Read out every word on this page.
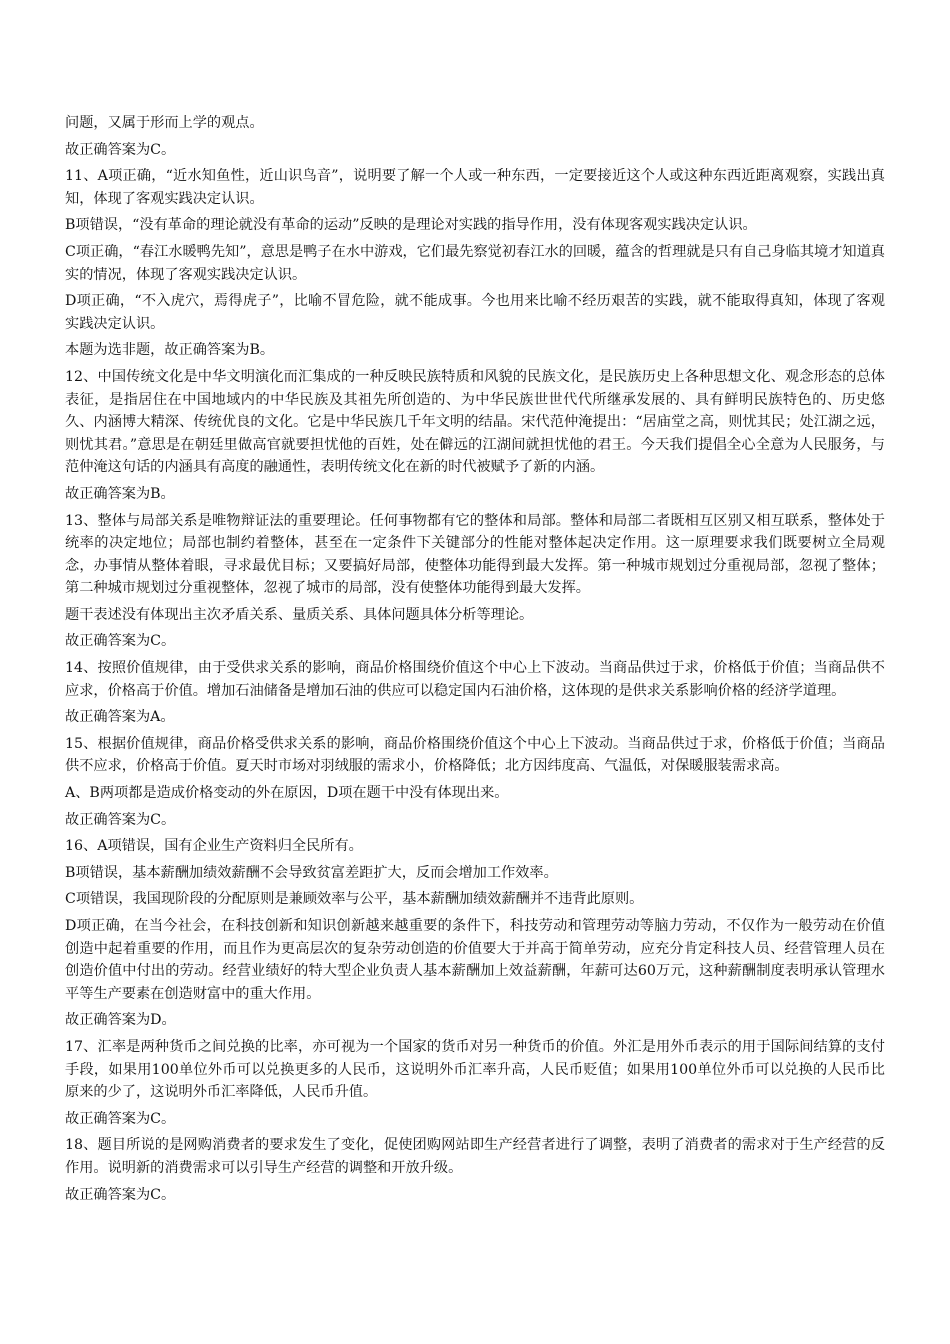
问题，又属于形而上学的观点。

故正确答案为C。

11、A项正确，“近水知鱼性，近山识鸟音”，说明要了解一个人或一种东西，一定要接近这个人或这种东西近距离观察，实践出真知，体现了客观实践决定认识。

B项错误，“没有革命的理论就没有革命的运动”反映的是理论对实践的指导作用，没有体现客观实践决定认识。

C项正确，“春江水暖鸭先知”，意思是鸭子在水中游戏，它们最先察觉初春江水的回暖，蕴含的哲理就是只有自己身临其境才知道真实的情况，体现了客观实践决定认识。

D项正确，“不入虎穴，焉得虎子”，比喻不冒危险，就不能成事。今也用来比喻不经历艰苦的实践，就不能取得真知，体现了客观实践决定认识。

本题为选非题，故正确答案为B。

12、中国传统文化是中华文明演化而汇集成的一种反映民族特质和风貌的民族文化，是民族历史上各种思想文化、观念形态的总体表征，是指居住在中国地域内的中华民族及其祖先所创造的、为中华民族世世代代所继承发展的、具有鲜明民族特色的、历史悠久、内涵博大精深、传统优良的文化。它是中华民族几千年文明的结晶。宋代范仲淹提出：“居庙堂之高，则忧其民；处江湖之远，则忧其君。”意思是在朝廷里做高官就要担忧他的百姓，处在僻远的江湖间就担忧他的君王。今天我们提倡全心全意为人民服务，与范仲淹这句话的内涵具有高度的融通性，表明传统文化在新的时代被赋予了新的内涵。

故正确答案为B。

13、整体与局部关系是唯物辩证法的重要理论。任何事物都有它的整体和局部。整体和局部二者既相互区别又相互联系，整体处于统率的决定地位；局部也制约着整体，甚至在一定条件下关键部分的性能对整体起决定作用。这一原理要求我们既要树立全局观念，办事情从整体着眼，寻求最优目标；又要搞好局部，使整体功能得到最大发挥。第一种城市规划过分重视局部，忽视了整体；第二种城市规划过分重视整体，忽视了城市的局部，没有使整体功能得到最大发挥。

题干表述没有体现出主次矛盾关系、量质关系、具体问题具体分析等理论。

故正确答案为C。

14、按照价值规律，由于受供求关系的影响，商品价格围绕价值这个中心上下波动。当商品供过于求，价格低于价值；当商品供不应求，价格高于价值。增加石油储备是增加石油的供应可以稳定国内石油价格，这体现的是供求关系影响价格的经济学道理。

故正确答案为A。

15、根据价值规律，商品价格受供求关系的影响，商品价格围绕价值这个中心上下波动。当商品供过于求，价格低于价值；当商品供不应求，价格高于价值。夏天时市场对羽绒服的需求小，价格降低；北方因纬度高、气温低，对保暖服装需求高。

A、B两项都是造成价格变动的外在原因，D项在题干中没有体现出来。

故正确答案为C。

16、A项错误，国有企业生产资料归全民所有。

B项错误，基本薪酬加绩效薪酬不会导致贫富差距扩大，反而会增加工作效率。

C项错误，我国现阶段的分配原则是兼顾效率与公平，基本薪酬加绩效薪酬并不违背此原则。

D项正确，在当今社会，在科技创新和知识创新越来越重要的条件下，科技劳动和管理劳动等脑力劳动，不仅作为一般劳动在价值创造中起着重要的作用，而且作为更高层次的复杂劳动创造的价值要大于并高于简单劳动，应充分肯定科技人员、经营管理人员在创造价值中付出的劳动。经营业绩好的特大型企业负责人基本薪酬加上效益薪酬，年薪可达60万元，这种薪酬制度表明承认管理水平等生产要素在创造财富中的重大作用。

故正确答案为D。

17、汇率是两种货币之间兑换的比率，亦可视为一个国家的货币对另一种货币的价值。外汇是用外币表示的用于国际间结算的支付手段，如果用100单位外币可以兑换更多的人民币，这说明外币汇率升高，人民币贬值；如果用100单位外币可以兑换的人民币比原来的少了，这说明外币汇率降低，人民币升值。

故正确答案为C。

18、题目所说的是网购消费者的要求发生了变化，促使团购网站即生产经营者进行了调整，表明了消费者的需求对于生产经营的反作用。说明新的消费需求可以引导生产经营的调整和开放升级。

故正确答案为C。
